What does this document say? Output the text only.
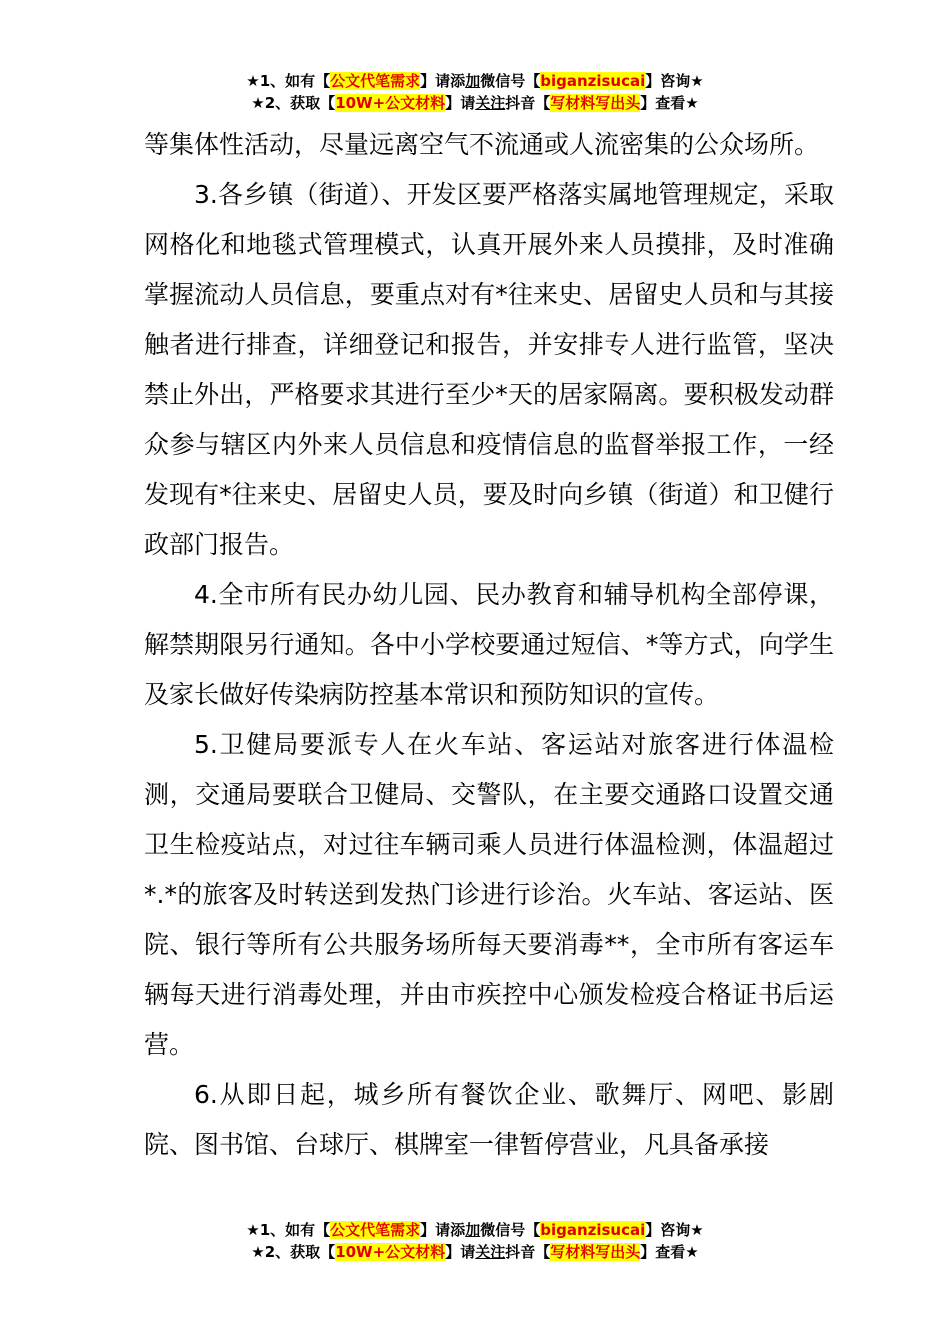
★1、如有【公文代笔需求】请添加微信号【biganzisucai】咨询★
★2、获取【10W+公文材料】请关注抖音【写材料写出头】查看★

等集体性活动，尽量远离空气不流通或人流密集的公众场所。

3.各乡镇（街道）、开发区要严格落实属地管理规定，采取网格化和地毯式管理模式，认真开展外来人员摸排，及时准确掌握流动人员信息，要重点对有*往来史、居留史人员和与其接触者进行排查，详细登记和报告，并安排专人进行监管，坚决禁止外出，严格要求其进行至少*天的居家隔离。要积极发动群众参与辖区内外来人员信息和疫情信息的监督举报工作，一经发现有*往来史、居留史人员，要及时向乡镇（街道）和卫健行政部门报告。

4.全市所有民办幼儿园、民办教育和辅导机构全部停课，解禁期限另行通知。各中小学校要通过短信、*等方式，向学生及家长做好传染病防控基本常识和预防知识的宣传。

5.卫健局要派专人在火车站、客运站对旅客进行体温检测，交通局要联合卫健局、交警队，在主要交通路口设置交通卫生检疫站点，对过往车辆司乘人员进行体温检测，体温超过*.*的旅客及时转送到发热门诊进行诊治。火车站、客运站、医院、银行等所有公共服务场所每天要消毒**，全市所有客运车辆每天进行消毒处理，并由市疾控中心颁发检疫合格证书后运营。

6.从即日起，城乡所有餐饮企业、歌舞厅、网吧、影剧院、图书馆、台球厅、棋牌室一律暂停营业，凡具备承接

★1、如有【公文代笔需求】请添加微信号【biganzisucai】咨询★
★2、获取【10W+公文材料】请关注抖音【写材料写出头】查看★
